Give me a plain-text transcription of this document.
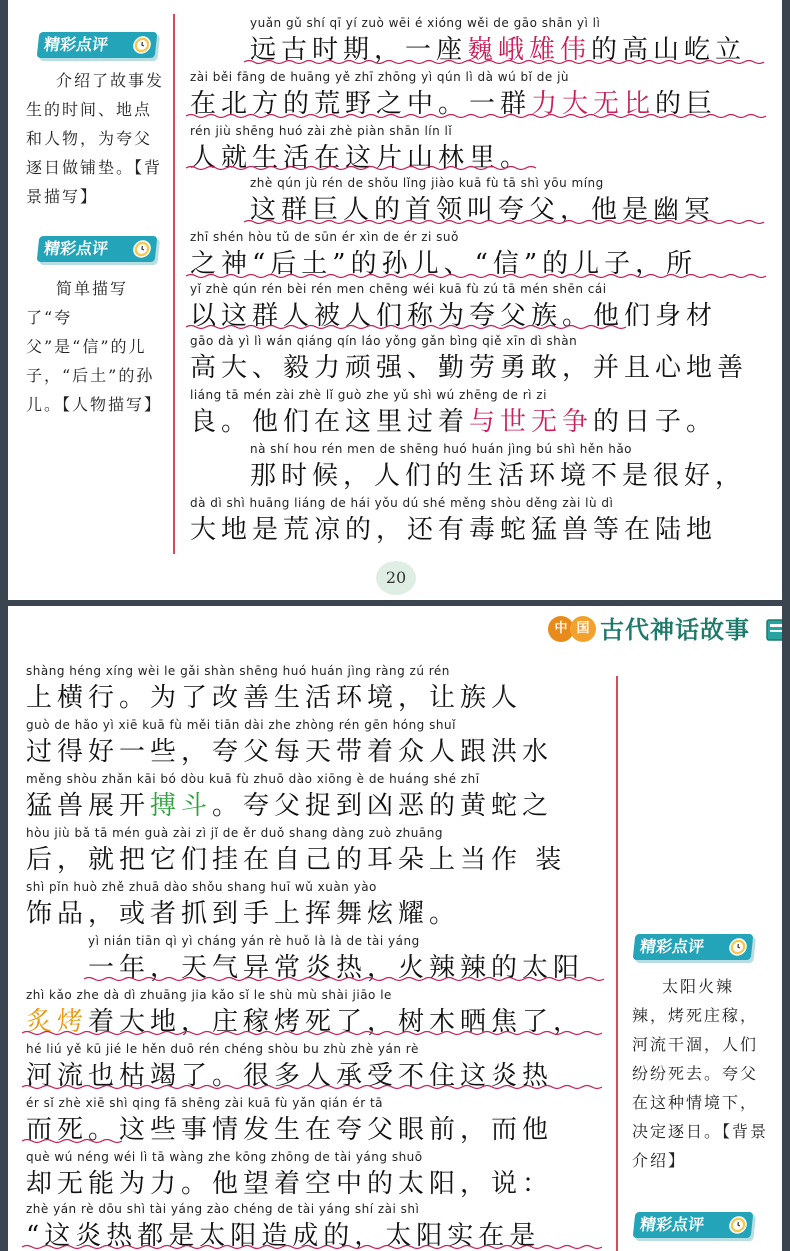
精彩点评
介绍了故事发生的时间、地点和人物，为夸父逐日做铺垫。【背景描写】
精彩点评
简单描写了“夸父”是“信”的儿子，“后土”的孙儿。【人物描写】
yuǎn gǔ shí qī yí zuò wēi é xióng wěi de gāo shān yì lì
远古时期，一座巍峨雄伟的高山屹立
zài běi fāng de huāng yě zhī zhōng yì qún lì dà wú bǐ de jù
在北方的荒野之中。一群力大无比的巨
rén jiù shēng huó zài zhè piàn shān lín lǐ
人就生活在这片山林里。
zhè qún jù rén de shǒu lǐng jiào kuā fù tā shì yōu míng
这群巨人的首领叫夸父，他是幽冥
zhī shén hòu tǔ de sūn ér xìn de ér zi suǒ
之神“后土”的孙儿、“信”的儿子，所
yǐ zhè qún rén bèi rén men chēng wéi kuā fù zú tā mén shēn cái
以这群人被人们称为夸父族。他们身材
gāo dà yì lì wán qiáng qín láo yǒng gǎn bìng qiě xīn dì shàn
高大、毅力顽强、勤劳勇敢，并且心地善
liáng tā mén zài zhè lǐ guò zhe yǔ shì wú zhēng de rì zi
良。他们在这里过着与世无争的日子。
nà shí hou rén men de shēng huó huán jìng bú shì hěn hǎo
那时候，人们的生活环境不是很好，
dà dì shì huāng liáng de hái yǒu dú shé měng shòu děng zài lù dì
大地是荒凉的，还有毒蛇猛兽等在陆地
20
中 国 古代神话故事
shàng héng xíng wèi le gǎi shàn shēng huó huán jìng ràng zú rén
上横行。为了改善生活环境，让族人
guò de hǎo yì xiē kuā fù měi tiān dài zhe zhòng rén gēn hóng shuǐ
过得好一些，夸父每天带着众人跟洪水
měng shòu zhǎn kāi bó dòu kuā fù zhuō dào xiōng è de huáng shé zhī
猛兽展开搏斗。夸父捉到凶恶的黄蛇之
hòu jiù bǎ tā mén guà zài zì jǐ de ěr duǒ shang dàng zuò zhuāng
后，就把它们挂在自己的耳朵上当作 装
shì pǐn huò zhě zhuā dào shǒu shang huī wǔ xuàn yào
饰品，或者抓到手上挥舞炫耀。
yì nián tiān qì yì cháng yán rè huǒ là là de tài yáng
一年，天气异常炎热，火辣辣的太阳
zhì kǎo zhe dà dì zhuāng jia kǎo sǐ le shù mù shài jiāo le
炙烤着大地，庄稼烤死了，树木晒焦了，
hé liú yě kū jié le hěn duō rén chéng shòu bu zhù zhè yán rè
河流也枯竭了。很多人承受不住这炎热
ér sǐ zhè xiē shì qing fā shēng zài kuā fù yǎn qián ér tā
而死。这些事情发生在夸父眼前，而他
què wú néng wéi lì tā wàng zhe kōng zhōng de tài yáng shuō
却无能为力。他望着空中的太阳，说：
zhè yán rè dōu shì tài yáng zào chéng de tài yáng shí zài shì
“这炎热都是太阳造成的，太阳实在是
精彩点评
太阳火辣辣，烤死庄稼，河流干涸，人们纷纷死去。夸父在这种情境下，决定逐日。【背景介绍】
精彩点评
